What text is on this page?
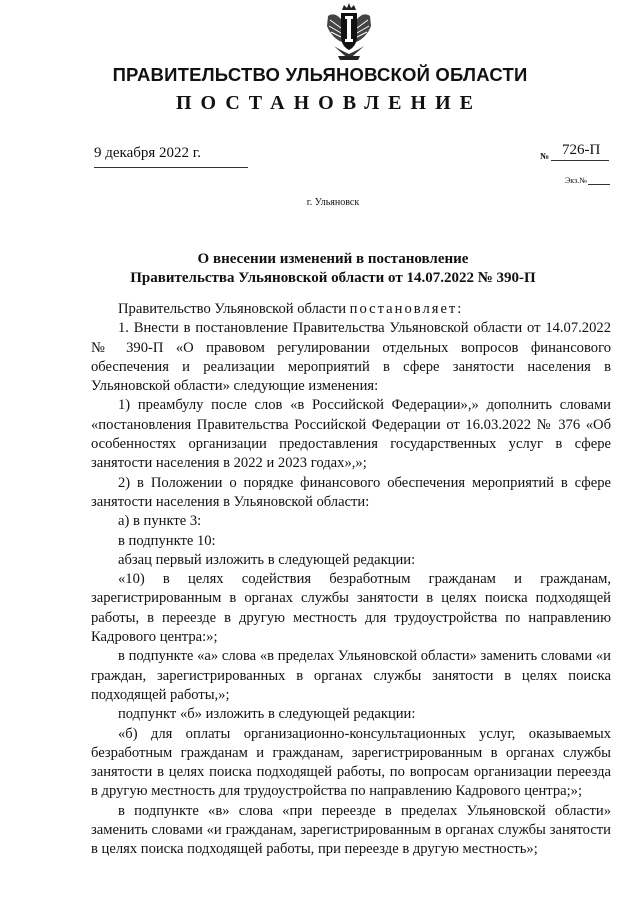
ПРАВИТЕЛЬСТВО УЛЬЯНОВСКОЙ ОБЛАСТИ
ПОСТАНОВЛЕНИЕ
9 декабря 2022 г.	№ 726-П
Экз.№
г. Ульяновск
О внесении изменений в постановление
Правительства Ульяновской области от 14.07.2022 № 390-П

Правительство Ульяновской области постановляет:

1. Внести в постановление Правительства Ульяновской области от 14.07.2022 № 390-П «О правовом регулировании отдельных вопросов финансового обеспечения и реализации мероприятий в сфере занятости населения в Ульяновской области» следующие изменения:

1) преамбулу после слов «в Российской Федерации»,» дополнить словами «постановления Правительства Российской Федерации от 16.03.2022 № 376 «Об особенностях организации предоставления государственных услуг в сфере занятости населения в 2022 и 2023 годах»,»;

2) в Положении о порядке финансового обеспечения мероприятий в сфере занятости населения в Ульяновской области:

а) в пункте 3:

в подпункте 10:

абзац первый изложить в следующей редакции:

«10) в целях содействия безработным гражданам и гражданам, зарегистрированным в органах службы занятости в целях поиска подходящей работы, в переезде в другую местность для трудоустройства по направлению Кадрового центра:»;

в подпункте «а» слова «в пределах Ульяновской области» заменить словами «и граждан, зарегистрированных в органах службы занятости в целях поиска подходящей работы,»;

подпункт «б» изложить в следующей редакции:

«б) для оплаты организационно-консультационных услуг, оказываемых безработным гражданам и гражданам, зарегистрированным в органах службы занятости в целях поиска подходящей работы, по вопросам организации переезда в другую местность для трудоустройства по направлению Кадрового центра;»;

в подпункте «в» слова «при переезде в пределах Ульяновской области» заменить словами «и гражданам, зарегистрированным в органах службы занятости в целях поиска подходящей работы, при переезде в другую местность»;
